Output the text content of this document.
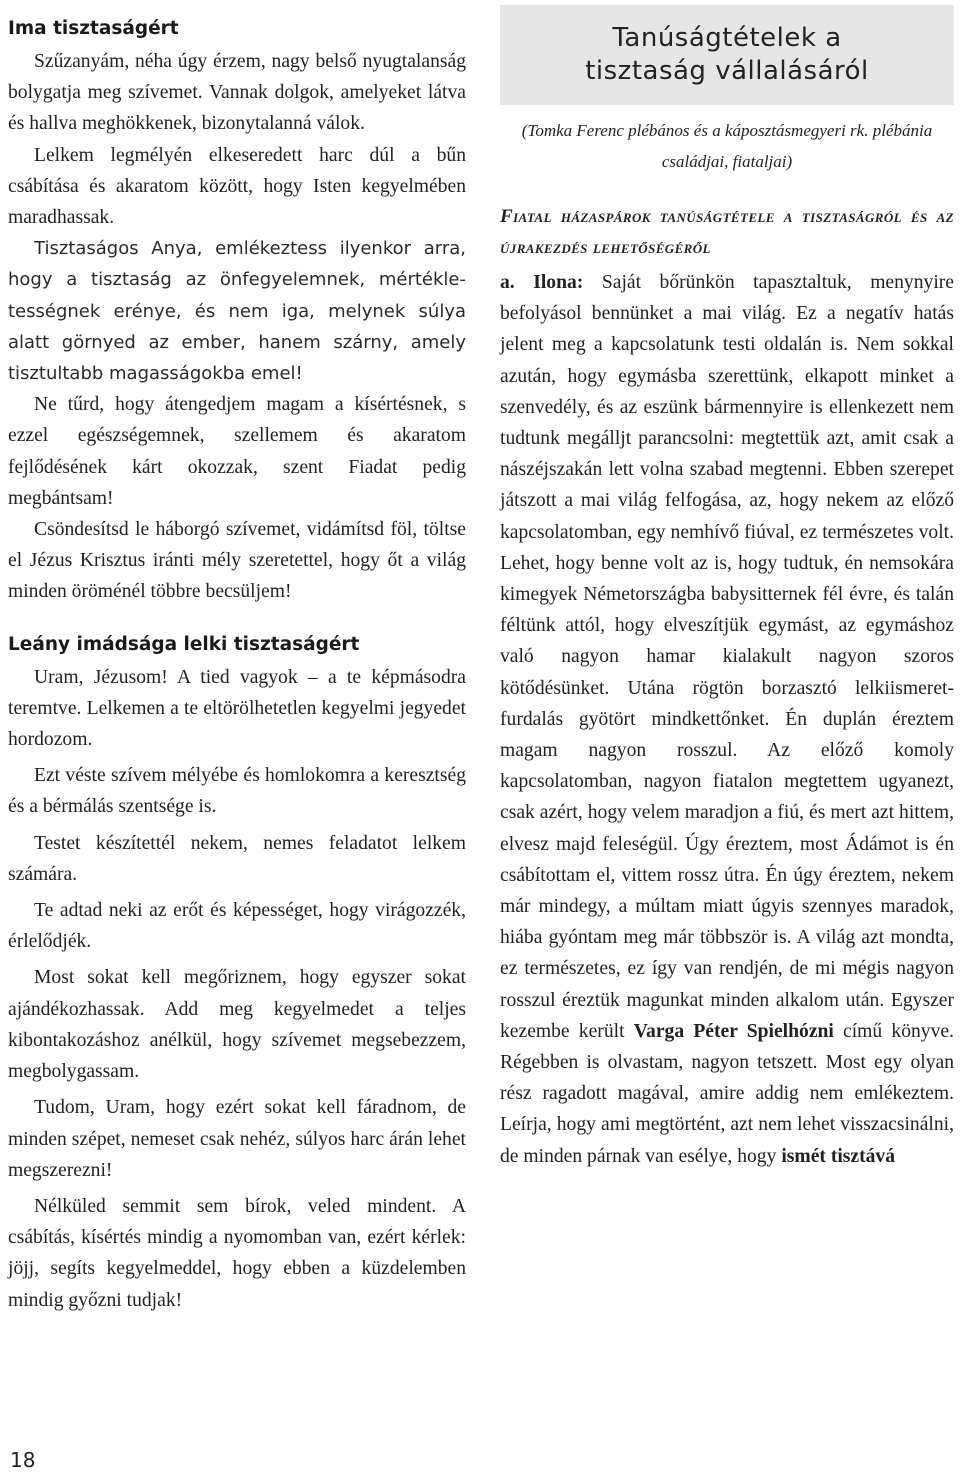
Ima tisztaságért

Szűzanyám, néha úgy érzem, nagy belső nyugtalanság bolygatja meg szívemet. Vannak dolgok, amelyeket látva és hallva meghökkenek, bizonytalanná válok.

Lelkem legmélyén elkeseredett harc dúl a bűn csábítása és akaratom között, hogy Isten kegyelmében maradhassak.

Tisztaságos Anya, emlékeztess ilyenkor arra, hogy a tisztaság az önfegyelemnek, mértékletességnek erénye, és nem iga, melynek súlya alatt görnyed az ember, hanem szárny, amely tisztultabb magasságokba emel!

Ne tűrd, hogy átengedjem magam a kísértésnek, s ezzel egészségemnek, szellemem és akaratom fejlődésének kárt okozzak, szent Fiadat pedig megbántsam!

Csöndesítsd le háborgó szívemet, vidámítsd föl, töltse el Jézus Krisztus iránti mély szeretettel, hogy őt a világ minden öröménél többre becsüljem!

Leány imádsága lelki tisztaságért

Uram, Jézusom! A tied vagyok – a te képmásodra teremtve. Lelkemen a te eltörölhetetlen kegyelmi jegyedet hordozom.

Ezt véste szívem mélyébe és homlokomra a keresztség és a bérmálás szentsége is.

Testet készítettél nekem, nemes feladatot lelkem számára.

Te adtad neki az erőt és képességet, hogy virágozzék, érlelődjék.

Most sokat kell megőriznem, hogy egyszer sokat ajándékozhassak. Add meg kegyelmedet a teljes kibontakozáshoz anélkül, hogy szívemet megsebezzem, megbolygassam.

Tudom, Uram, hogy ezért sokat kell fáradnom, de minden szépet, nemeset csak nehéz, súlyos harc árán lehet megszerezni!

Nélküled semmit sem bírok, veled mindent. A csábítás, kísértés mindig a nyomomban van, ezért kérlek: jöjj, segíts kegyelmeddel, hogy ebben a küzdelemben mindig győzni tudjak!

Tanúságtételek a
tisztaság vállalásáról

(Tomka Ferenc plébános és a káposztásmegyeri rk. plébánia családjai, fiataljai)

Fiatal házaspárok tanúságtétele a tisztaságról és az újrakezdés lehetőségéről

a. Ilona: Saját bőrünkön tapasztaltuk, menynyire befolyásol bennünket a mai világ. Ez a negatív hatás jelent meg a kapcsolatunk testi oldalán is. Nem sokkal azután, hogy egymásba szerettünk, elkapott minket a szenvedély, és az eszünk bármennyire is ellenkezett nem tudtunk megálljt parancsolni: megtettük azt, amit csak a nászéjszakán lett volna szabad megtenni. Ebben szerepet játszott a mai világ felfogása, az, hogy nekem az előző kapcsolatomban, egy nemhívő fiúval, ez természetes volt. Lehet, hogy benne volt az is, hogy tudtuk, én nemsokára kimegyek Németországba babysitternek fél évre, és talán féltünk attól, hogy elveszítjük egymást, az egymáshoz való nagyon hamar kialakult nagyon szoros kötődésünket. Utána rögtön borzasztó lelkiismeret-furdalás gyötört mindkettőnket. Én duplán éreztem magam nagyon rosszul. Az előző komoly kapcsolatomban, nagyon fiatalon megtettem ugyanezt, csak azért, hogy velem maradjon a fiú, és mert azt hittem, elvesz majd feleségül. Úgy éreztem, most Ádámot is én csábítottam el, vittem rossz útra. Én úgy éreztem, nekem már mindegy, a múltam miatt úgyis szennyes maradok, hiába gyóntam meg már többször is. A világ azt mondta, ez természetes, ez így van rendjén, de mi mégis nagyon rosszul éreztük magunkat minden alkalom után. Egyszer kezembe került Varga Péter Spielhózni című könyve. Régebben is olvastam, nagyon tetszett. Most egy olyan rész ragadott magával, amire addig nem emlékeztem. Leírja, hogy ami megtörtént, azt nem lehet visszacsinálni, de minden párnak van esélye, hogy ismét tisztává

18
